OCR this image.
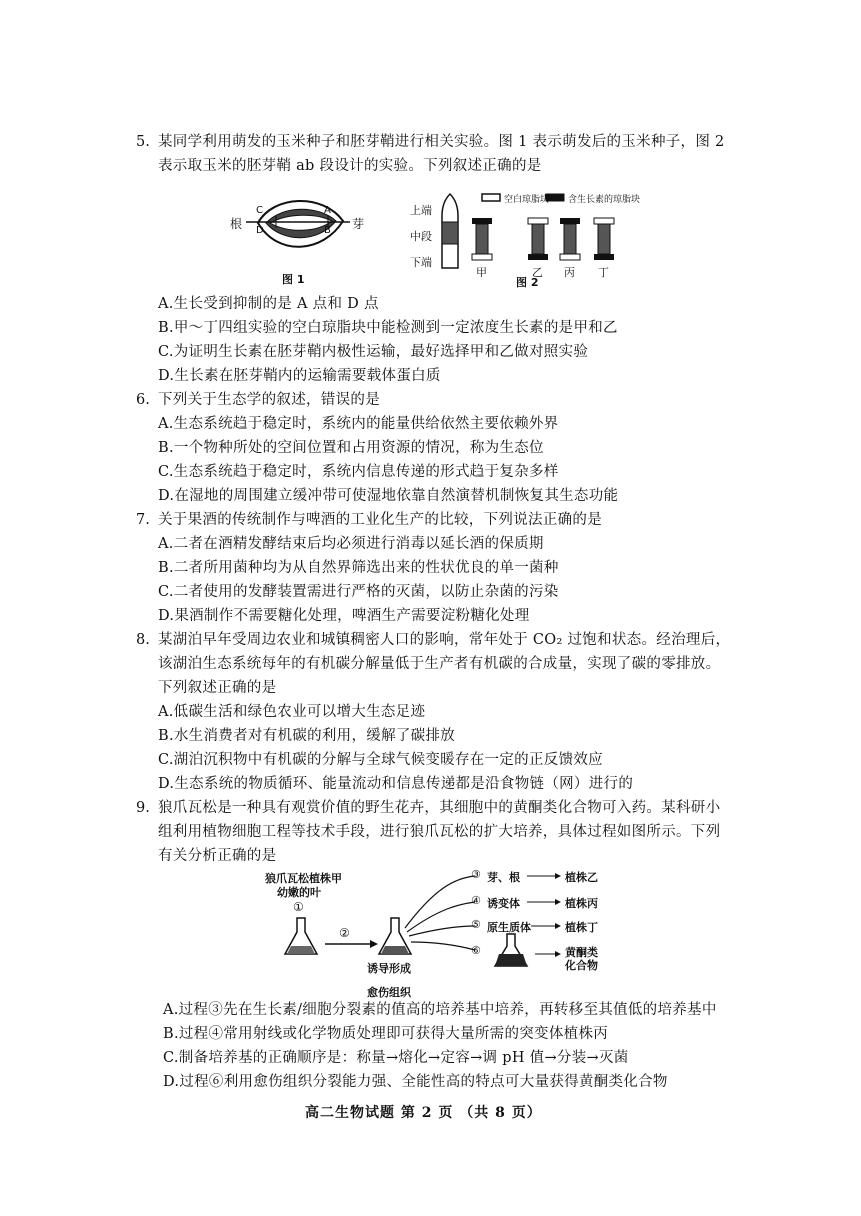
5. 某同学利用萌发的玉米种子和胚芽鞘进行相关实验。图 1 表示萌发后的玉米种子，图 2
表示取玉米的胚芽鞘 ab 段设计的实验。下列叙述正确的是
根	芽
C
D
A
B
图 1
上端
中段
下端
空白琼脂块 含生长素的琼脂块
甲	乙 丙 丁
图 2
A.生长受到抑制的是 A 点和 D 点
B.甲～丁四组实验的空白琼脂块中能检测到一定浓度生长素的是甲和乙
C.为证明生长素在胚芽鞘内极性运输，最好选择甲和乙做对照实验
D.生长素在胚芽鞘内的运输需要载体蛋白质
6. 下列关于生态学的叙述，错误的是
A.生态系统趋于稳定时，系统内的能量供给依然主要依赖外界
B.一个物种所处的空间位置和占用资源的情况，称为生态位
C.生态系统趋于稳定时，系统内信息传递的形式趋于复杂多样
D.在湿地的周围建立缓冲带可使湿地依靠自然演替机制恢复其生态功能
7. 关于果酒的传统制作与啤酒的工业化生产的比较，下列说法正确的是
A.二者在酒精发酵结束后均必须进行消毒以延长酒的保质期
B.二者所用菌种均为从自然界筛选出来的性状优良的单一菌种
C.二者使用的发酵装置需进行严格的灭菌，以防止杂菌的污染
D.果酒制作不需要糖化处理，啤酒生产需要淀粉糖化处理
8. 某湖泊早年受周边农业和城镇稠密人口的影响，常年处于 CO₂ 过饱和状态。经治理后，
该湖泊生态系统每年的有机碳分解量低于生产者有机碳的合成量，实现了碳的零排放。
下列叙述正确的是
A.低碳生活和绿色农业可以增大生态足迹
B.水生消费者对有机碳的利用，缓解了碳排放
C.湖泊沉积物中有机碳的分解与全球气候变暖存在一定的正反馈效应
D.生态系统的物质循环、能量流动和信息传递都是沿食物链（网）进行的
9. 狼爪瓦松是一种具有观赏价值的野生花卉，其细胞中的黄酮类化合物可入药。某科研小
组利用植物细胞工程等技术手段，进行狼爪瓦松的扩大培养，具体过程如图所示。下列
有关分析正确的是
狼爪瓦松植株甲
幼嫩的叶
①
②
诱导形成
③ 芽、根	植株乙
④ 诱变体	植株丙
⑤ 原生质体	植株丁
⑥	黄酮类
化合物
愈伤组织
A.过程③先在生长素/细胞分裂素的值高的培养基中培养，再转移至其值低的培养基中
B.过程④常用射线或化学物质处理即可获得大量所需的突变体植株丙
C.制备培养基的正确顺序是：称量→熔化→定容→调 pH 值→分装→灭菌
D.过程⑥利用愈伤组织分裂能力强、全能性高的特点可大量获得黄酮类化合物
高二生物试题 第 2 页 （共 8 页）
